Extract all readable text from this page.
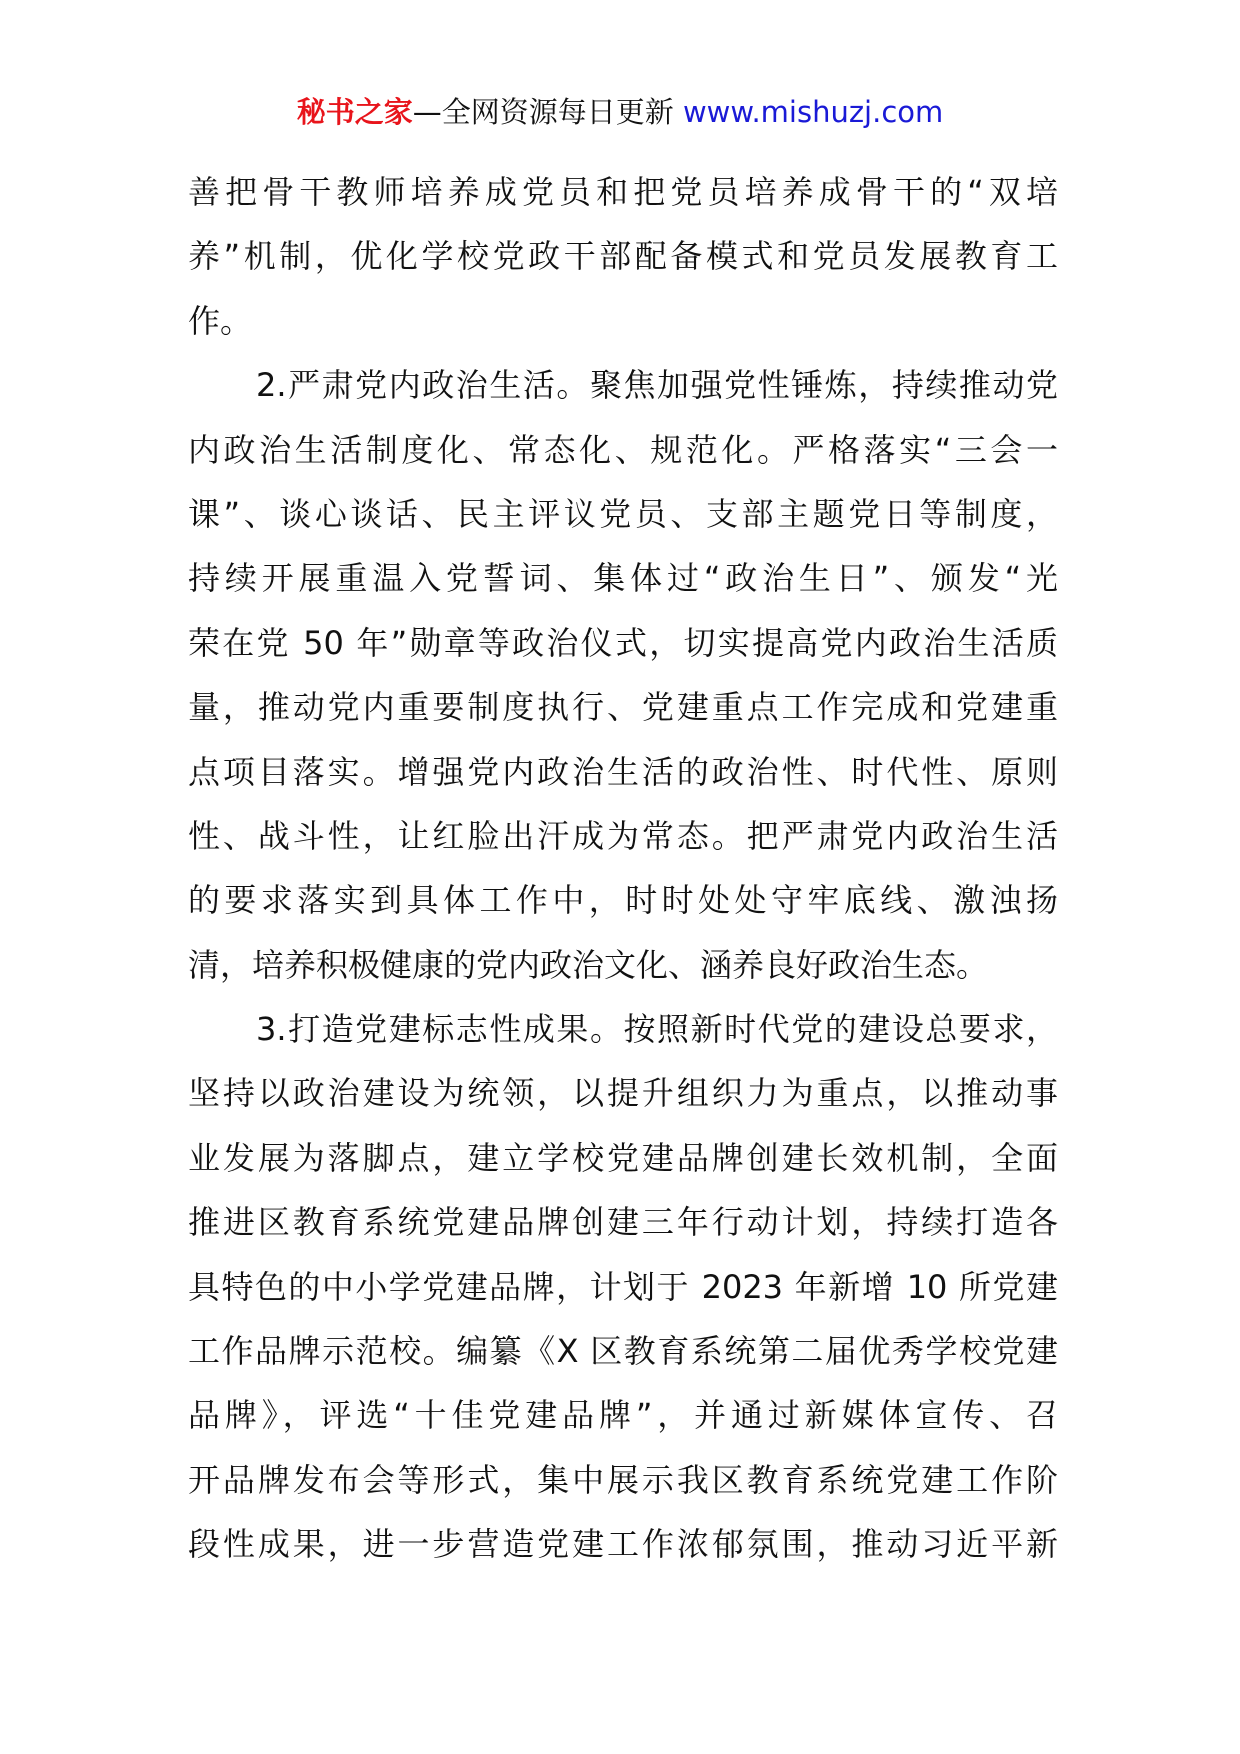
秘书之家—全网资源每日更新 www.mishuzj.com
善把骨干教师培养成党员和把党员培养成骨干的“双培
养”机制，优化学校党政干部配备模式和党员发展教育工
作。
2.严肃党内政治生活。聚焦加强党性锤炼，持续推动党
内政治生活制度化、常态化、规范化。严格落实“三会一
课”、谈心谈话、民主评议党员、支部主题党日等制度，
持续开展重温入党誓词、集体过“政治生日”、颁发“光
荣在党 50 年”勋章等政治仪式，切实提高党内政治生活质
量，推动党内重要制度执行、党建重点工作完成和党建重
点项目落实。增强党内政治生活的政治性、时代性、原则
性、战斗性，让红脸出汗成为常态。把严肃党内政治生活
的要求落实到具体工作中，时时处处守牢底线、激浊扬
清，培养积极健康的党内政治文化、涵养良好政治生态。
3.打造党建标志性成果。按照新时代党的建设总要求，
坚持以政治建设为统领，以提升组织力为重点，以推动事
业发展为落脚点，建立学校党建品牌创建长效机制，全面
推进区教育系统党建品牌创建三年行动计划，持续打造各
具特色的中小学党建品牌，计划于 2023 年新增 10 所党建
工作品牌示范校。编纂《X 区教育系统第二届优秀学校党建
品牌》，评选“十佳党建品牌”，并通过新媒体宣传、召
开品牌发布会等形式，集中展示我区教育系统党建工作阶
段性成果，进一步营造党建工作浓郁氛围，推动习近平新
